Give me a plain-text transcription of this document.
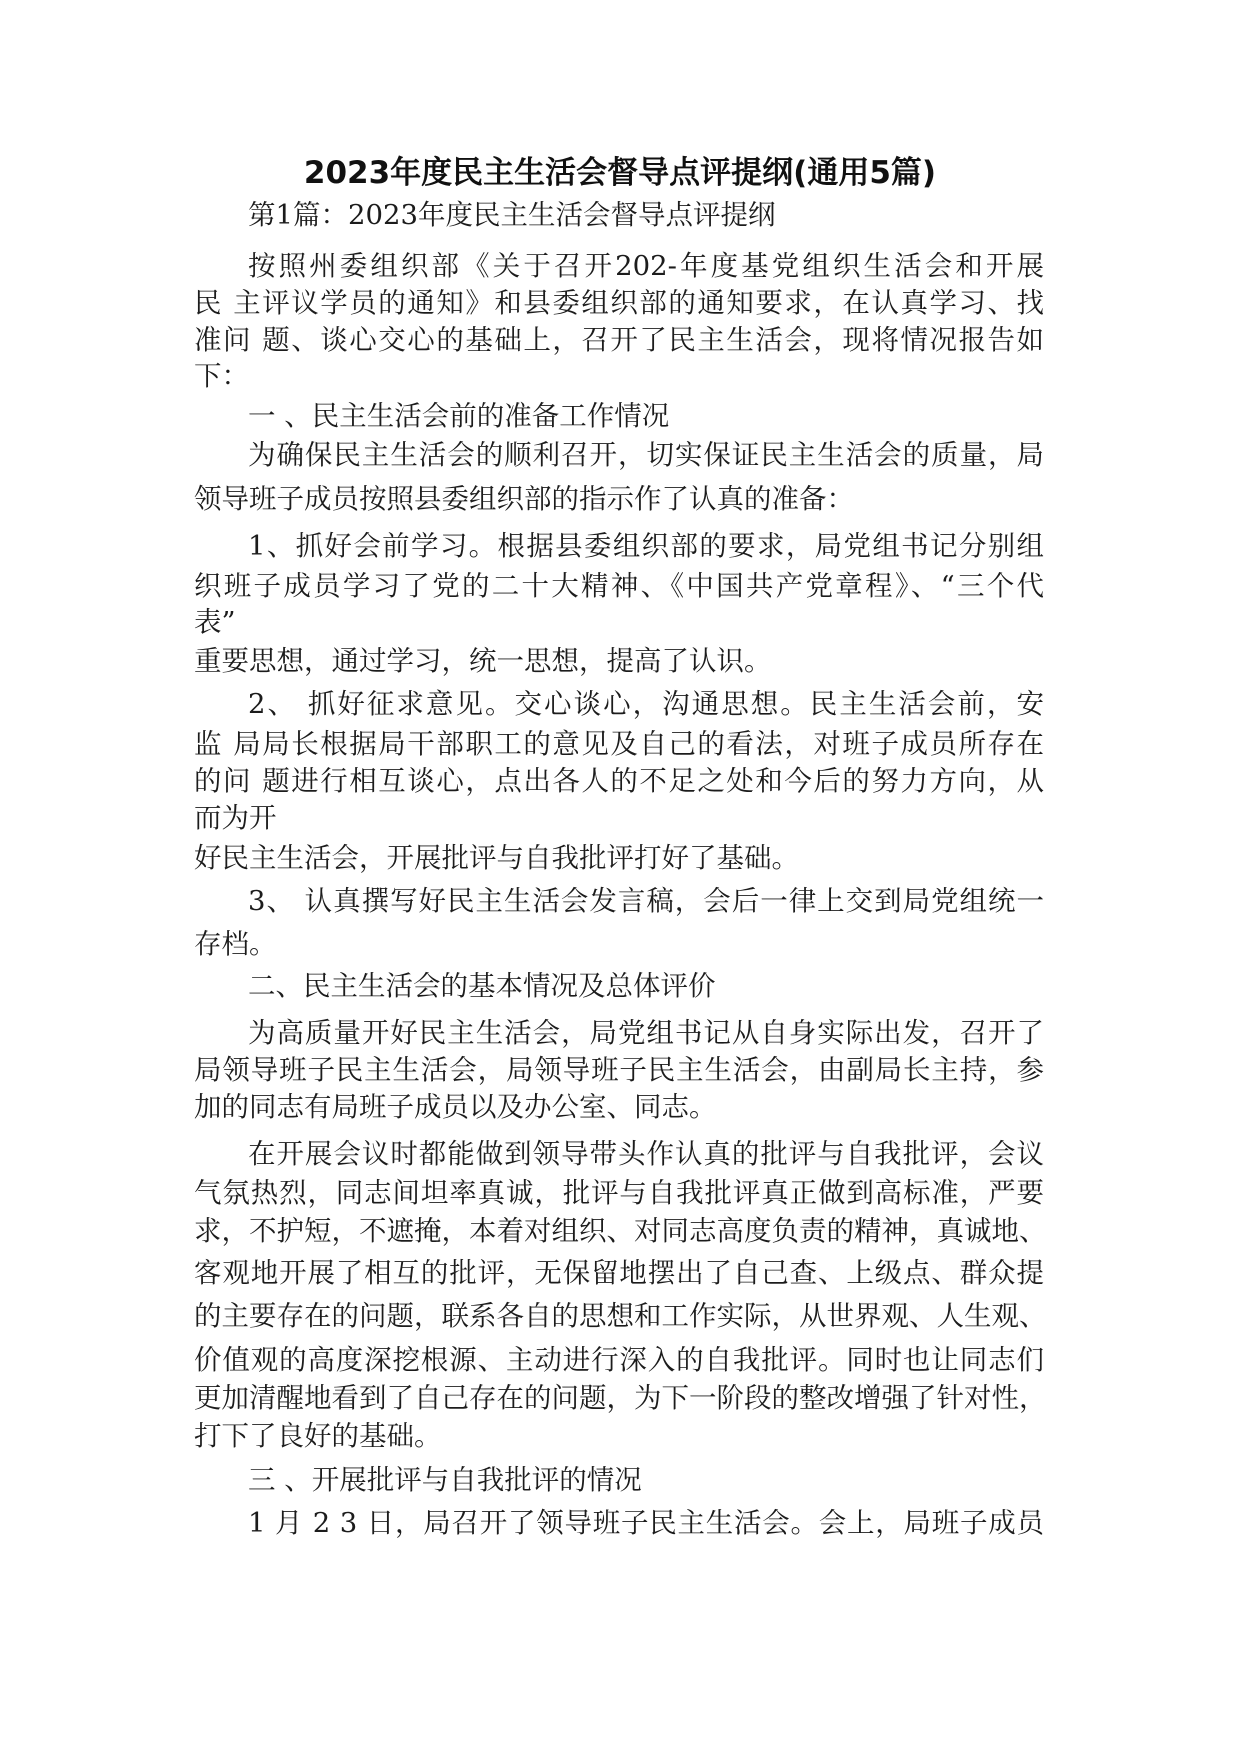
2023年度民主生活会督导点评提纲(通用5篇)
第1篇：2023年度民主生活会督导点评提纲
按照州委组织部《关于召开202-年度基党组织生活会和开展
民 主评议学员的通知》和县委组织部的通知要求，在认真学习、找
准问 题、谈心交心的基础上，召开了民主生活会，现将情况报告如
下：
一 、民主生活会前的准备工作情况
为确保民主生活会的顺利召开，切实保证民主生活会的质量，局
领导班子成员按照县委组织部的指示作了认真的准备：
1、抓好会前学习。根据县委组织部的要求，局党组书记分别组
织班子成员学习了党的二十大精神、《中国共产党章程》、“三个代
表”
重要思想，通过学习，统一思想，提高了认识。
2、 抓好征求意见。交心谈心，沟通思想。民主生活会前，安
监 局局长根据局干部职工的意见及自己的看法，对班子成员所存在
的问 题进行相互谈心，点出各人的不足之处和今后的努力方向，从
而为开
好民主生活会，开展批评与自我批评打好了基础。
3、 认真撰写好民主生活会发言稿，会后一律上交到局党组统一
存档。
二、民主生活会的基本情况及总体评价
为高质量开好民主生活会，局党组书记从自身实际出发，召开了
局领导班子民主生活会，局领导班子民主生活会，由副局长主持，参
加的同志有局班子成员以及办公室、同志。
在开展会议时都能做到领导带头作认真的批评与自我批评，会议
气氛热烈，同志间坦率真诚，批评与自我批评真正做到高标准，严要
求，不护短，不遮掩，本着对组织、对同志高度负责的精神，真诚地、
客观地开展了相互的批评，无保留地摆出了自己查、上级点、群众提
的主要存在的问题，联系各自的思想和工作实际，从世界观、人生观、
价值观的高度深挖根源、主动进行深入的自我批评。同时也让同志们
更加清醒地看到了自己存在的问题，为下一阶段的整改增强了针对性，
打下了良好的基础。
三 、开展批评与自我批评的情况
1 月 2 3 日，局召开了领导班子民主生活会。会上，局班子成员
